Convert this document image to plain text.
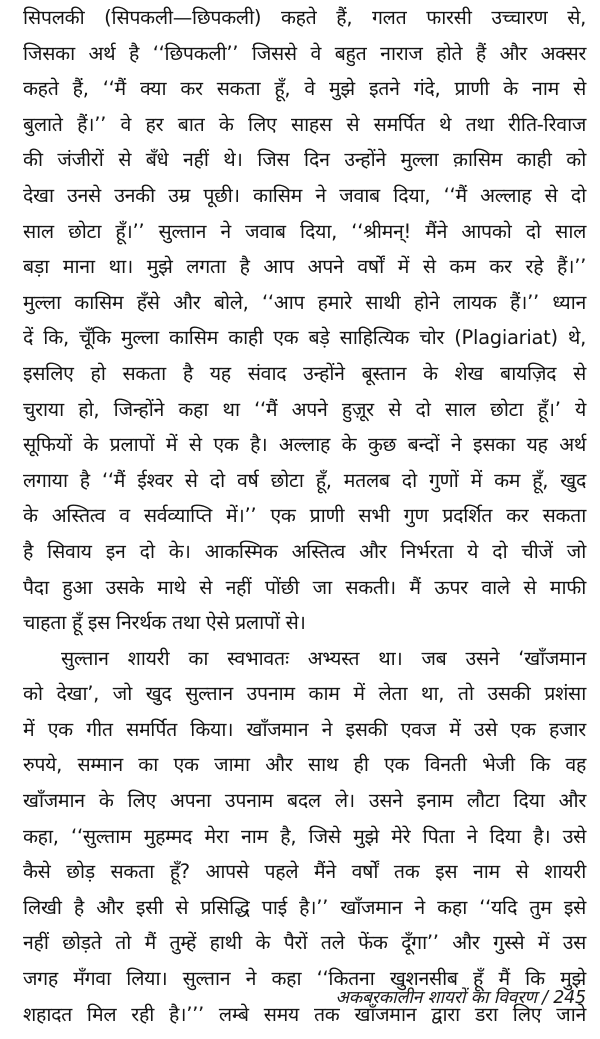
सिपलकी (सिपकली—छिपकली) कहते हैं, गलत फारसी उच्चारण से,
जिसका अर्थ है ‘‘छिपकली’’ जिससे वे बहुत नाराज होते हैं और अक्सर
कहते हैं, ‘‘मैं क्या कर सकता हूँ, वे मुझे इतने गंदे, प्राणी के नाम से
बुलाते हैं।’’ वे हर बात के लिए साहस से समर्पित थे तथा रीति-रिवाज
की जंजीरों से बँधे नहीं थे। जिस दिन उन्होंने मुल्ला क़ासिम काही को
देखा उनसे उनकी उम्र पूछी। कासिम ने जवाब दिया, ‘‘मैं अल्लाह से दो
साल छोटा हूँ।’’ सुल्तान ने जवाब दिया, ‘‘श्रीमन्! मैंने आपको दो साल
बड़ा माना था। मुझे लगता है आप अपने वर्षों में से कम कर रहे हैं।’’
मुल्ला कासिम हँसे और बोले, ‘‘आप हमारे साथी होने लायक हैं।’’ ध्यान
दें कि, चूँकि मुल्ला कासिम काही एक बड़े साहित्यिक चोर (Plagiariat) थे,
इसलिए हो सकता है यह संवाद उन्होंने बूस्तान के शेख बायज़िद से
चुराया हो, जिन्होंने कहा था ‘‘मैं अपने हुज़ूर से दो साल छोटा हूँ।’ ये
सूफियों के प्रलापों में से एक है। अल्लाह के कुछ बन्दों ने इसका यह अर्थ
लगाया है ‘‘मैं ईश्वर से दो वर्ष छोटा हूँ, मतलब दो गुणों में कम हूँ, खुद
के अस्तित्व व सर्वव्याप्ति में।’’ एक प्राणी सभी गुण प्रदर्शित कर सकता
है सिवाय इन दो के। आकस्मिक अस्तित्व और निर्भरता ये दो चीजें जो
पैदा हुआ उसके माथे से नहीं पोंछी जा सकती। मैं ऊपर वाले से माफी
चाहता हूँ इस निरर्थक तथा ऐसे प्रलापों से।
सुल्तान शायरी का स्वभावतः अभ्यस्त था। जब उसने ‘खाँजमान
को देखा’, जो खुद सुल्तान उपनाम काम में लेता था, तो उसकी प्रशंसा
में एक गीत समर्पित किया। खाँजमान ने इसकी एवज में उसे एक हजार
रुपये, सम्मान का एक जामा और साथ ही एक विनती भेजी कि वह
खाँजमान के लिए अपना उपनाम बदल ले। उसने इनाम लौटा दिया और
कहा, ‘‘सुल्ताम मुहम्मद मेरा नाम है, जिसे मुझे मेरे पिता ने दिया है। उसे
कैसे छोड़ सकता हूँ? आपसे पहले मैंने वर्षों तक इस नाम से शायरी
लिखी है और इसी से प्रसिद्धि पाई है।’’ खाँजमान ने कहा ‘‘यदि तुम इसे
नहीं छोड़ते तो मैं तुम्हें हाथी के पैरों तले फेंक दूँगा’’ और गुस्से में उस
जगह मँगवा लिया। सुल्तान ने कहा ‘‘कितना खुशनसीब हूँ मैं कि मुझे
शहादत मिल रही है।’’’ लम्बे समय तक खाँजमान द्वारा डरा लिए जाने
अकबरकालीन शायरों का विवरण / 245
